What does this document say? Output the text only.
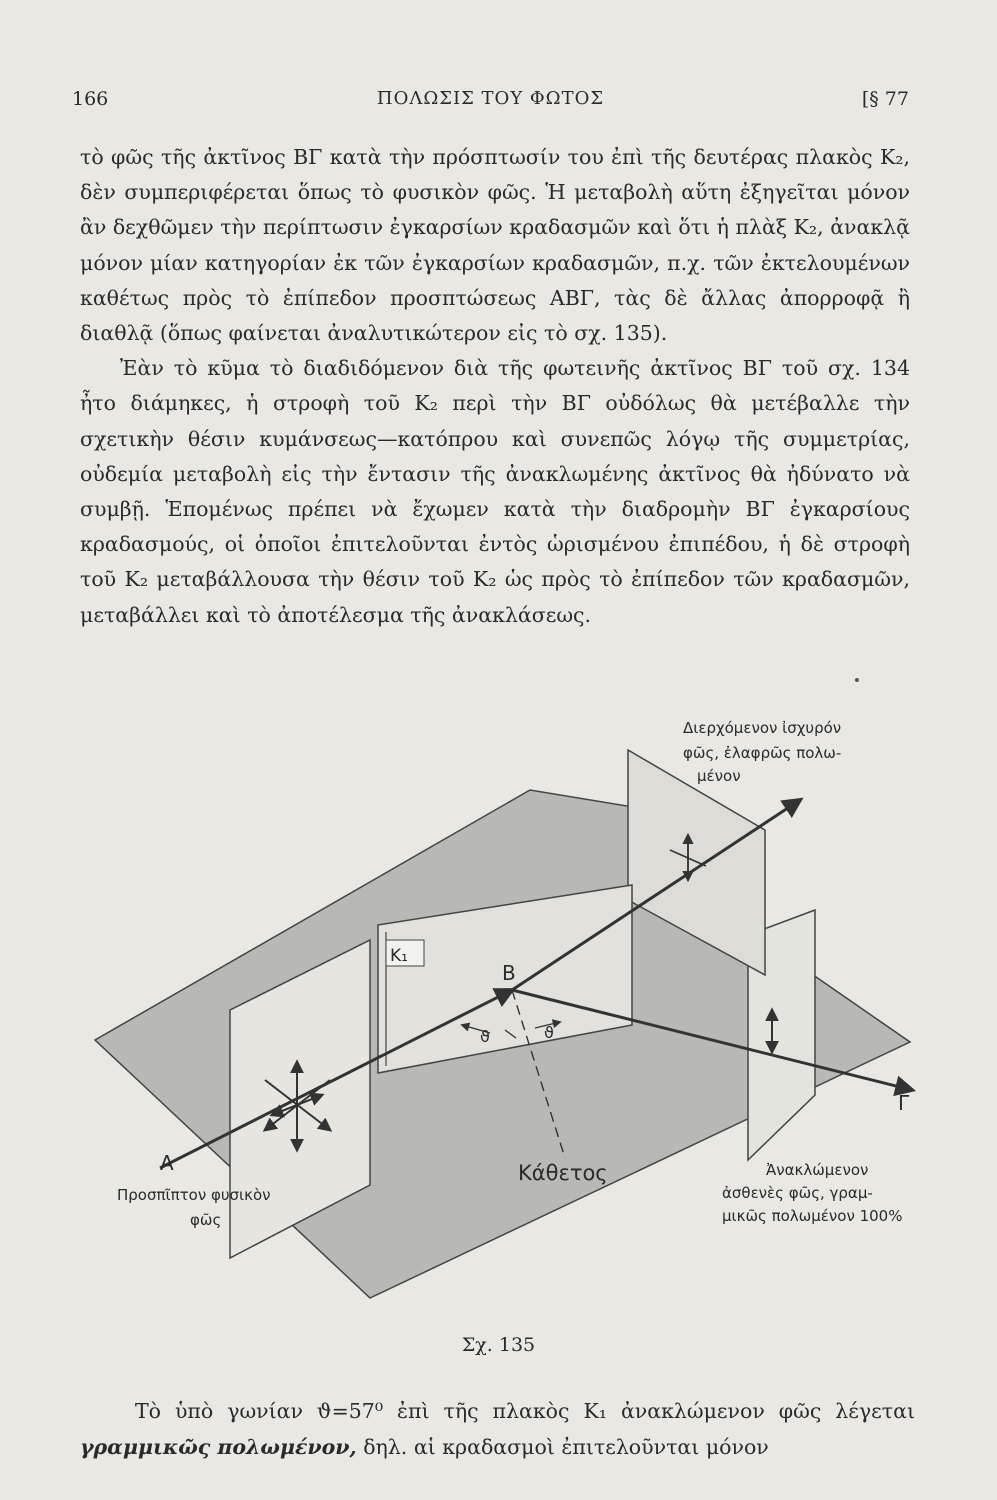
166	ΠΟΛΩΣΙΣ ΤΟΥ ΦΩΤΟΣ	[§ 77

τὸ φῶς τῆς ἀκτῖνος ΒΓ κατὰ τὴν πρόσπτωσίν του ἐπὶ τῆς δευτέρας πλακὸς Κ₂, δὲν συμπεριφέρεται ὅπως τὸ φυσικὸν φῶς. Ἡ μεταβολὴ αὕτη ἐξηγεῖται μόνον ἂν δεχθῶμεν τὴν περίπτωσιν ἐγκαρσίων κραδασμῶν καὶ ὅτι ἡ πλὰξ Κ₂, ἀνακλᾷ μόνον μίαν κατηγορίαν ἐκ τῶν ἐγκαρσίων κραδασμῶν, π.χ. τῶν ἐκτελουμένων καθέτως πρὸς τὸ ἐπίπεδον προσπτώσεως ΑΒΓ, τὰς δὲ ἄλλας ἀπορροφᾷ ἢ διαθλᾷ (ὅπως φαίνεται ἀναλυτικώτερον εἰς τὸ σχ. 135).

Ἐὰν τὸ κῦμα τὸ διαδιδόμενον διὰ τῆς φωτεινῆς ἀκτῖνος ΒΓ τοῦ σχ. 134 ἦτο διάμηκες, ἡ στροφὴ τοῦ Κ₂ περὶ τὴν ΒΓ οὐδόλως θὰ μετέβαλλε τὴν σχετικὴν θέσιν κυμάνσεως—κατόπρου καὶ συνεπῶς λόγῳ τῆς συμμετρίας, οὐδεμία μεταβολὴ εἰς τὴν ἔντασιν τῆς ἀνακλωμένης ἀκτῖνος θὰ ἠδύνατο νὰ συμβῇ. Ἑπομένως πρέπει νὰ ἔχωμεν κατὰ τὴν διαδρομὴν ΒΓ ἐγκαρσίους κραδασμούς, οἱ ὁποῖοι ἐπιτελοῦνται ἐντὸς ὡρισμένου ἐπιπέδου, ἡ δὲ στροφὴ τοῦ Κ₂ μεταβάλλουσα τὴν θέσιν τοῦ Κ₂ ὡς πρὸς τὸ ἐπίπεδον τῶν κραδασμῶν, μεταβάλλει καὶ τὸ ἀποτέλεσμα τῆς ἀνακλάσεως.

K₁
ϑ	ϑ
B
A
Γ
Κάθετος
Διερχόμενον ἰσχυρόν
φῶς, ἐλαφρῶς πολω-
μένον
Προσπῖπτον φυσικὸν
φῶς
Ἀνακλώμενον
ἀσθενὲς φῶς, γραμ-
μικῶς πολωμένον 100%
Σχ. 135

Τὸ ὑπὸ γωνίαν ϑ=57⁰ ἐπὶ τῆς πλακὸς Κ₁ ἀνακλώμενον φῶς λέγεται γραμμικῶς πολωμένον, δηλ. αἱ κραδασμοὶ ἐπιτελοῦνται μόνον
